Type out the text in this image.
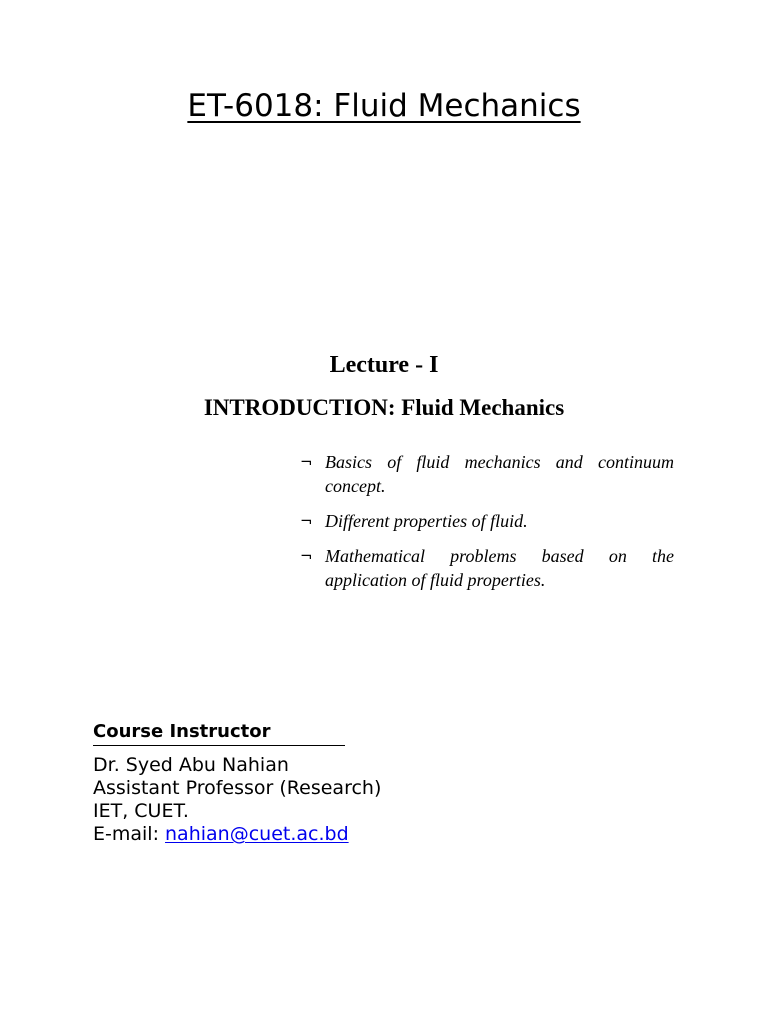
ET-6018: Fluid Mechanics
Lecture - I
INTRODUCTION: Fluid Mechanics
¬ Basics of fluid mechanics and continuum concept.
¬ Different properties of fluid.
¬ Mathematical problems based on the application of fluid properties.
Course Instructor
Dr. Syed Abu Nahian
Assistant Professor (Research)
IET, CUET.
E-mail: nahian@cuet.ac.bd
